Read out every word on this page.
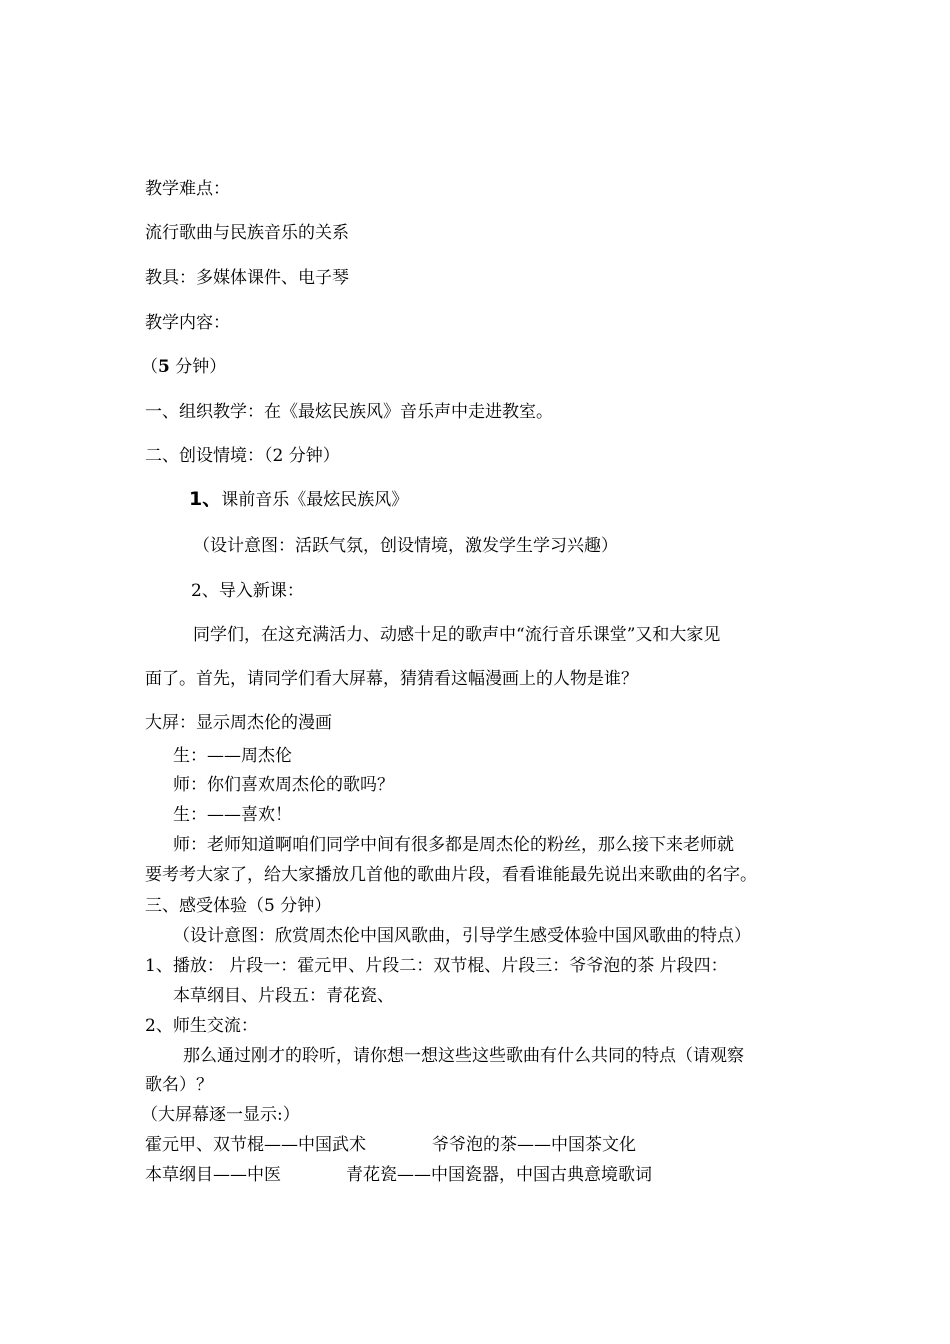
教学难点：
流行歌曲与民族音乐的关系
教具：多媒体课件、电子琴
教学内容：
（5 分钟）
一、组织教学：在《最炫民族风》音乐声中走进教室。
二、创设情境：（2 分钟）
1、课前音乐《最炫民族风》
（设计意图：活跃气氛，创设情境，激发学生学习兴趣）
2、导入新课：
同学们，在这充满活力、动感十足的歌声中“流行音乐课堂”又和大家见
面了。首先，请同学们看大屏幕，猜猜看这幅漫画上的人物是谁？
大屏：显示周杰伦的漫画
生：——周杰伦
师：你们喜欢周杰伦的歌吗？
生：——喜欢！
师：老师知道啊咱们同学中间有很多都是周杰伦的粉丝，那么接下来老师就
要考考大家了，给大家播放几首他的歌曲片段，看看谁能最先说出来歌曲的名字。
三、感受体验（5 分钟）
（设计意图：欣赏周杰伦中国风歌曲，引导学生感受体验中国风歌曲的特点）
1、播放： 片段一：霍元甲、片段二：双节棍、片段三：爷爷泡的茶 片段四：
本草纲目、片段五：青花瓷、
2、师生交流：
那么通过刚才的聆听，请你想一想这些这些歌曲有什么共同的特点（请观察
歌名）？
（大屏幕逐一显示:）
霍元甲、双节棍——中国武术	爷爷泡的茶——中国茶文化
本草纲目——中医	青花瓷——中国瓷器，中国古典意境歌词
